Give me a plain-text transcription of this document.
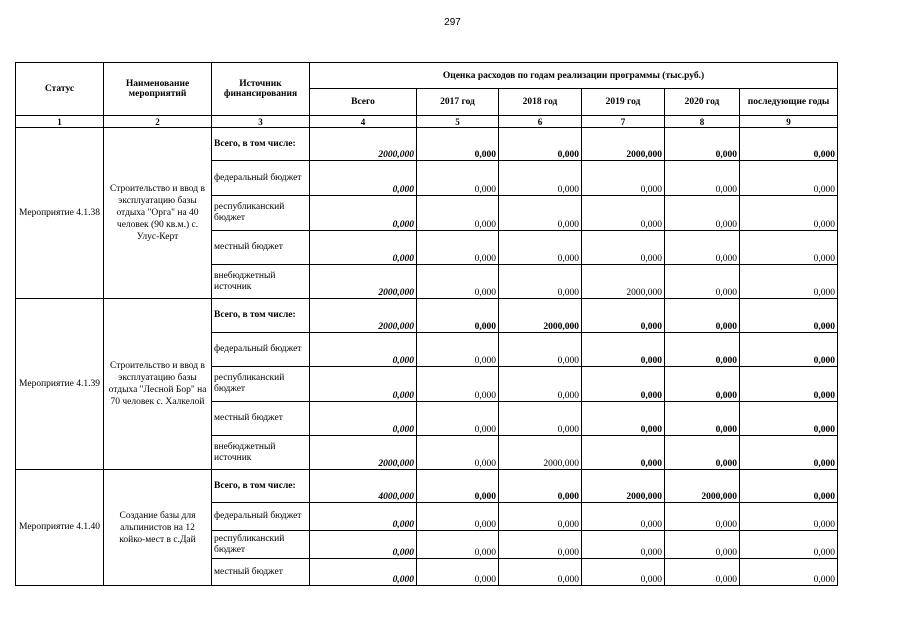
297
Статус	Наименование мероприятий	Источник финансирования	Оценка расходов по годам реализации программы (тыс.руб.)					
			Всего	2017 год	2018 год	2019 год	2020 год	последующие годы
1	2	3	4	5	6	7	8	9
Мероприятие 4.1.38	Строительство и ввод в эксплуатацию базы отдыха "Орга" на 40 человек (90 кв.м.) с. Улус-Керт	Всего, в том числе:	2000,000	0,000	0,000	2000,000	0,000	0,000
		федеральный бюджет	0,000	0,000	0,000	0,000	0,000	0,000
		республиканский бюджет	0,000	0,000	0,000	0,000	0,000	0,000
		местный бюджет	0,000	0,000	0,000	0,000	0,000	0,000
		внебюджетный источник	2000,000	0,000	0,000	2000,000	0,000	0,000
Мероприятие 4.1.39	Строительство и ввод в эксплуатацию базы отдыха "Лесной Бор" на 70 человек с. Халкелой	Всего, в том числе:	2000,000	0,000	2000,000	0,000	0,000	0,000
		федеральный бюджет	0,000	0,000	0,000	0,000	0,000	0,000
		республиканский бюджет	0,000	0,000	0,000	0,000	0,000	0,000
		местный бюджет	0,000	0,000	0,000	0,000	0,000	0,000
		внебюджетный источник	2000,000	0,000	2000,000	0,000	0,000	0,000
Мероприятие 4.1.40	Создание базы для альпинистов на 12 койко-мест в с.Дай	Всего, в том числе:	4000,000	0,000	0,000	2000,000	2000,000	0,000
		федеральный бюджет	0,000	0,000	0,000	0,000	0,000	0,000
		республиканский бюджет	0,000	0,000	0,000	0,000	0,000	0,000
		местный бюджет	0,000	0,000	0,000	0,000	0,000	0,000
